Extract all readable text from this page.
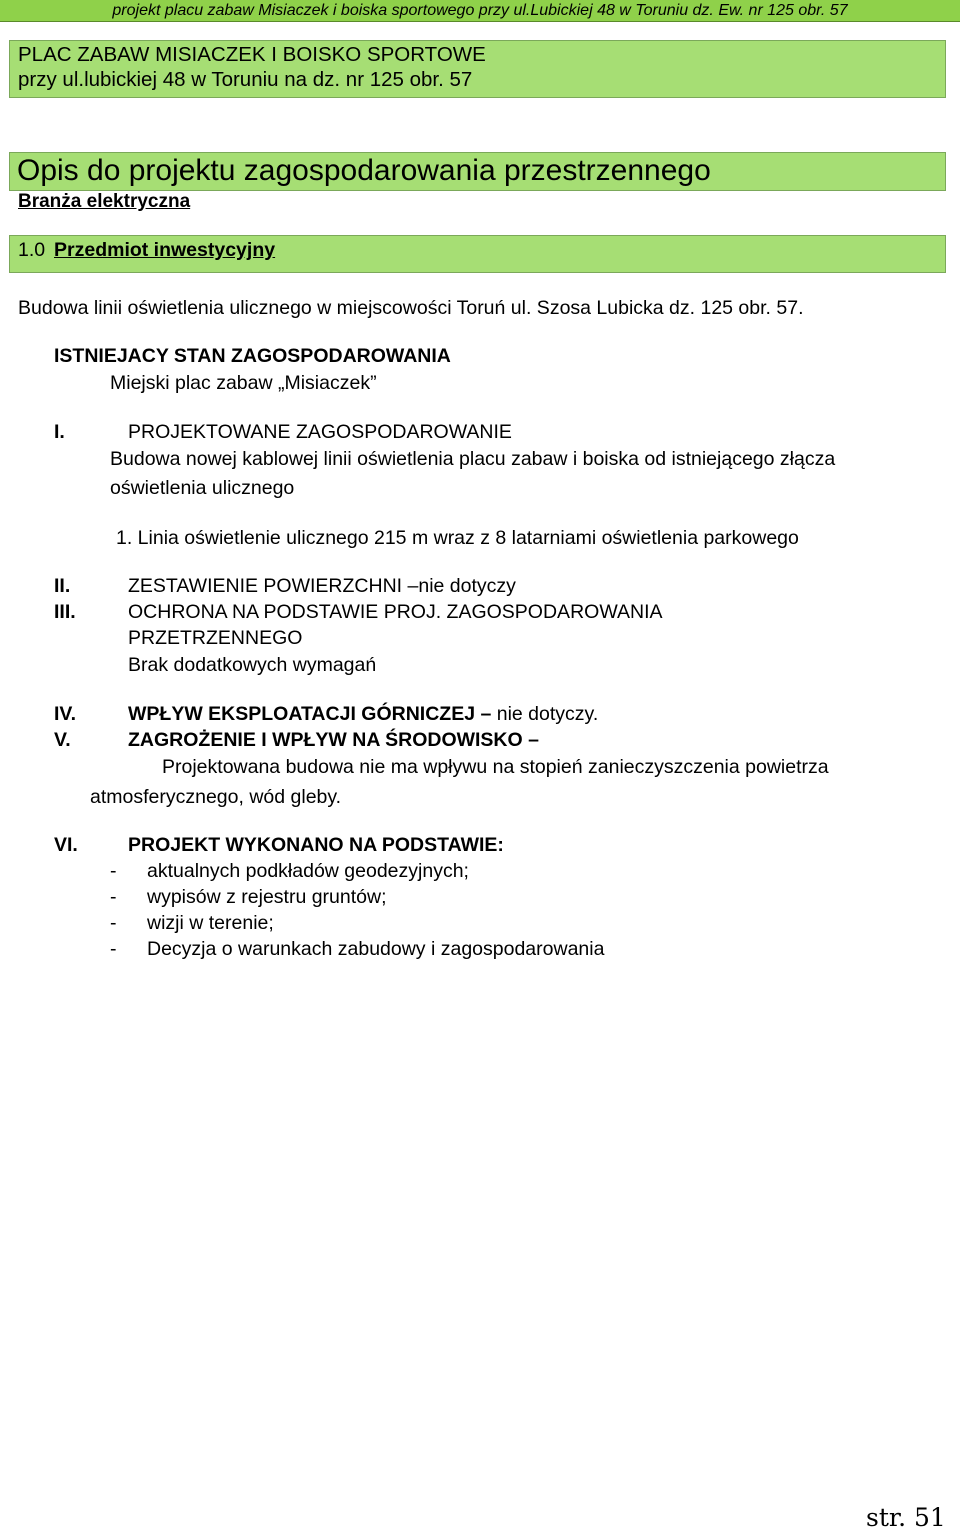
projekt placu zabaw Misiaczek i boiska sportowego przy ul.Lubickiej 48 w Toruniu dz. Ew. nr 125 obr. 57
PLAC ZABAW MISIACZEK I BOISKO SPORTOWE
przy ul.lubickiej 48 w Toruniu na dz. nr 125 obr. 57
Opis do projektu zagospodarowania przestrzennego
Branża elektryczna
1.0 Przedmiot inwestycyjny
Budowa linii oświetlenia ulicznego w miejscowości Toruń ul. Szosa Lubicka dz. 125 obr. 57.
ISTNIEJACY STAN ZAGOSPODAROWANIA
Miejski plac zabaw „Misiaczek”
I.	PROJEKTOWANE ZAGOSPODAROWANIE
Budowa nowej kablowej linii oświetlenia placu zabaw i boiska od istniejącego złącza
oświetlenia ulicznego
1. Linia oświetlenie ulicznego 215 m wraz z 8 latarniami oświetlenia parkowego
II.	ZESTAWIENIE POWIERZCHNI –nie dotyczy
III.	OCHRONA NA PODSTAWIE PROJ. ZAGOSPODAROWANIA
PRZETRZENNEGO
Brak dodatkowych wymagań
IV.	WPŁYW EKSPLOATACJI GÓRNICZEJ – nie dotyczy.
V.	ZAGROŻENIE I WPŁYW NA ŚRODOWISKO –
Projektowana budowa nie ma wpływu na stopień zanieczyszczenia powietrza
atmosferycznego, wód gleby.
VI.	PROJEKT WYKONANO NA PODSTAWIE:
- aktualnych podkładów geodezyjnych;
- wypisów z rejestru gruntów;
- wizji w terenie;
- Decyzja o warunkach zabudowy i zagospodarowania
str. 51
